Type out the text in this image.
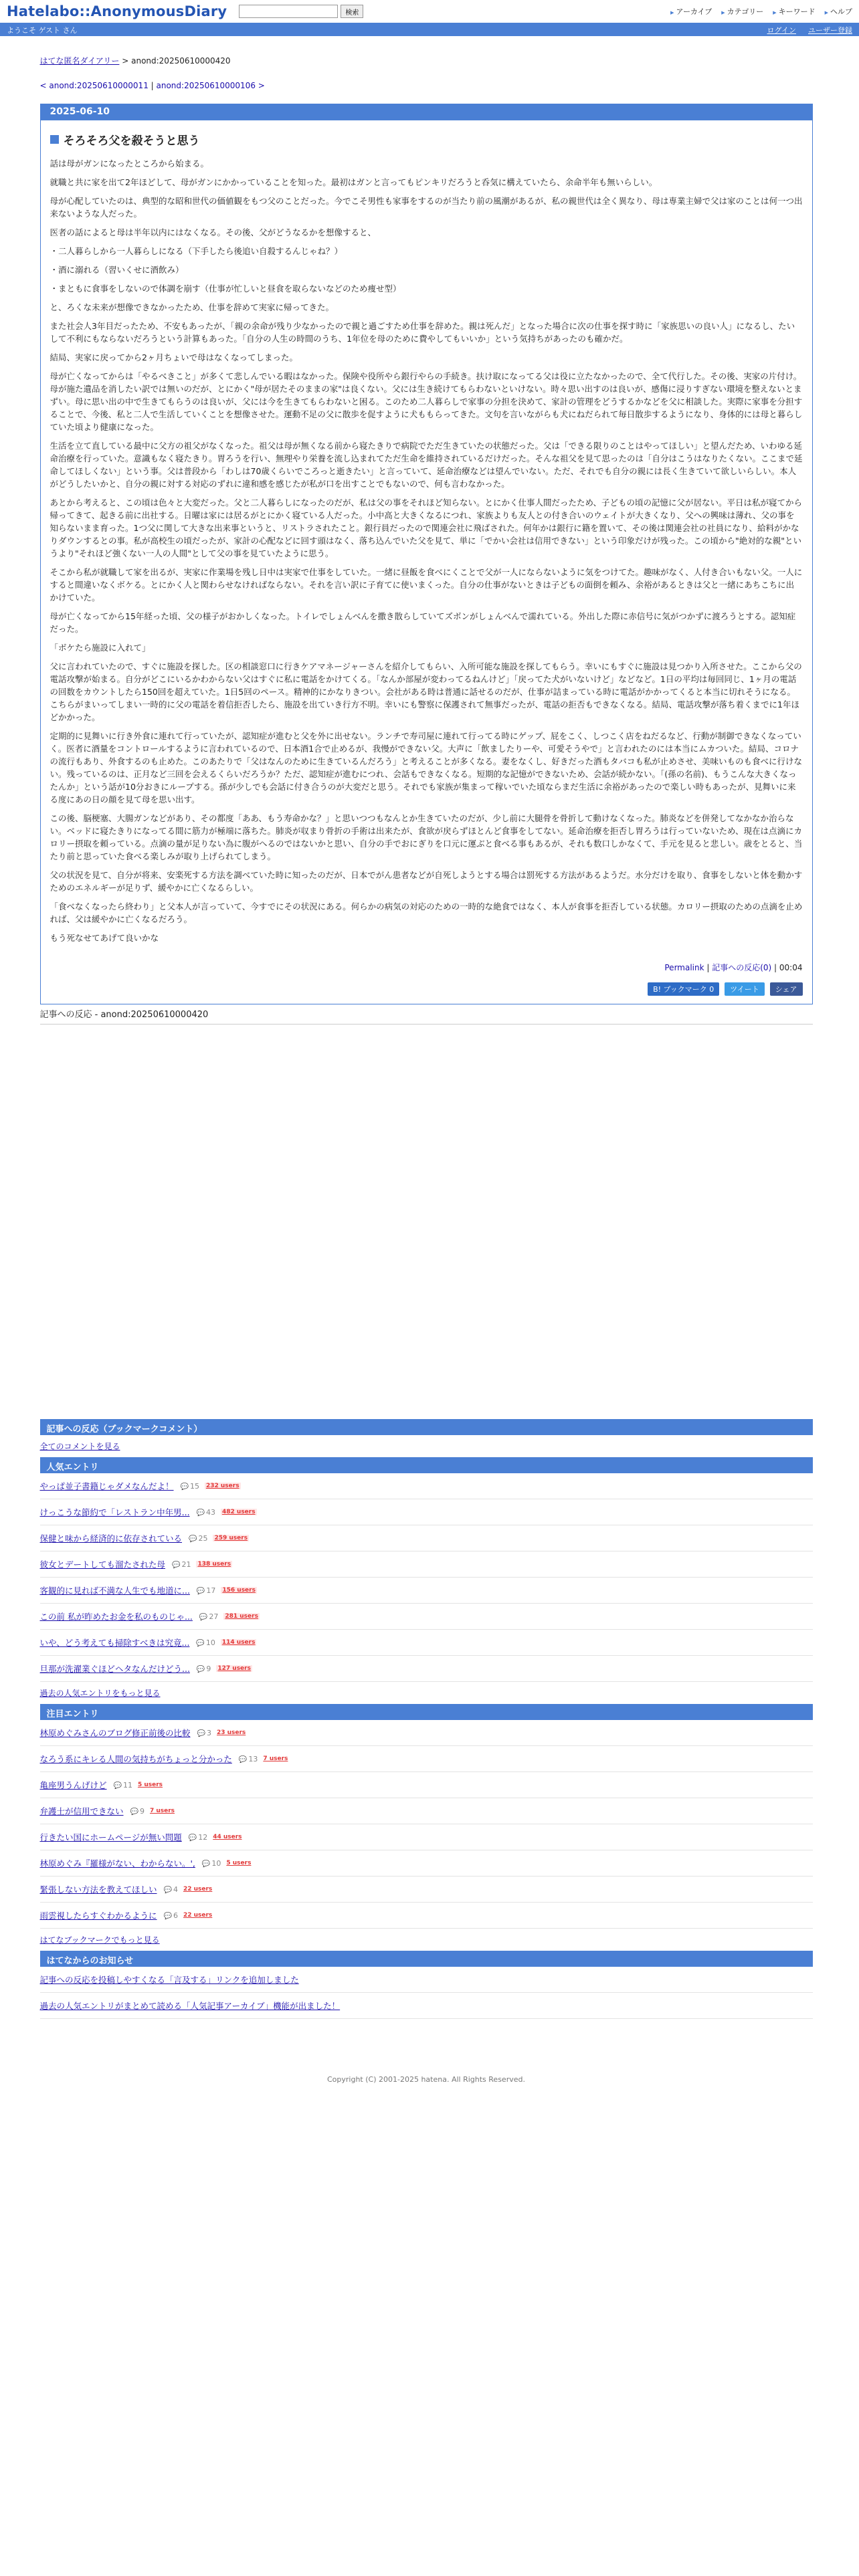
Hatelabo::AnonymousDiary	検索	▶ アーカイブ	▶ カテゴリー	▶ キーワード	▶ ヘルプ
ようこそ ゲスト さん	ログイン ユーザー登録
はてな匿名ダイアリー > anond:20250610000420
< anond:20250610000011 | anond:20250610000106 >
2025-06-10
そろそろ父を殺そうと思う

話は母がガンになったところから始まる。

就職と共に家を出て2年ほどして、母がガンにかかっていることを知った。最初はガンと言ってもピンキリだろうと呑気に構えていたら、余命半年も無いらしい。

母が心配していたのは、典型的な昭和世代の価値観をもつ父のことだった。今でこそ男性も家事をするのが当たり前の風潮があるが、私の親世代は全く異なり、母は専業主婦で父は家のことは何一つ出来ないような人だった。

医者の話によると母は半年以内にはなくなる。その後、父がどうなるかを想像すると、

・二人暮らしから一人暮らしになる（下手したら後追い自殺するんじゃね？）

・酒に溺れる（習いくせに酒飲み）

・まともに食事をしないので体調を崩す（仕事が忙しいと昼食を取らないなどのため痩せ型）

と、ろくな未来が想像できなかったため、仕事を辞めて実家に帰ってきた。

また社会人3年目だったため、不安もあったが、「親の余命が残り少なかったので親と過ごすため仕事を辞めた。親は死んだ」となった場合に次の仕事を探す時に「家族思いの良い人」になるし、たいして不利にもならないだろうという計算もあった。「自分の人生の時間のうち、1年位を母のために費やしてもいいか」という気持ちがあったのも確かだ。

結局、実家に戻ってから2ヶ月ちょいで母はなくなってしまった。

母が亡くなってからは「やるべきこと」が多くて悲しんでいる暇はなかった。保険や役所やら銀行やらの手続き。扶け取になってる父は役に立たなかったので、全て代行した。その後、実家の片付け。母が施た遺品を消したい訳では無いのだが、とにかく"母が居たそのままの家"は良くない。父には生き続けてもらわないといけない。時々思い出すのは良いが、感傷に浸りすぎない環境を整えないとまずい。母に思い出の中で生きてもらうのは良いが、父には今を生きてもらわないと困る。このため二人暮らしで家事の分担を決めて、家計の管理をどうするかなどを父に相談した。実際に家事を分担することで、今後、私と二人で生活していくことを想像させた。運動不足の父に散歩を促すように犬ももらってきた。文句を言いながらも犬にねだられて毎日散歩するようになり、身体的には母と暮らしていた頃より健康になった。

生活を立て直している最中に父方の祖父がなくなった。祖父は母が無くなる前から寝たきりで病院でただ生きていたの状態だった。父は「できる限りのことはやってほしい」と望んだため、いわゆる延命治療を行っていた。意識もなく寝たきり。胃ろうを行い、無理やり栄養を流し込まれてただ生命を維持されているだけだった。そんな祖父を見て思ったのは「自分はこうはなりたくない。ここまで延命してほしくない」という事。父は普段から「わしは70歳くらいでころっと逝きたい」と言っていて、延命治療などは望んでいない。ただ、それでも自分の親には長く生きていて欲しいらしい。本人がどうしたいかと、自分の親に対する対応のずれに違和感を感じたが私が口を出すことでもないので、何も言わなかった。

あとから考えると、この頃は色々と大変だった。父と二人暮らしになったのだが、私は父の事をそれほど知らない。とにかく仕事人間だったため、子どもの頃の記憶に父が居ない。平日は私が寝てから帰ってきて、起きる前に出社する。日曜は家には居るがとにかく寝ている人だった。小中高と大きくなるにつれ、家族よりも友人との付き合いのウェイトが大きくなり、父への興味は薄れ、父の事を知らないまま育った。1つ父に関して大きな出来事というと、リストラされたこと。銀行員だったので関連会社に飛ばされた。何年かは銀行に籍を置いて、その後は関連会社の社員になり、給料がかなりダウンするとの事。私が高校生の頃だったが、家計の心配などに回す頭はなく、落ち込んでいた父を見て、単に「でかい会社は信用できない」という印象だけが残った。この頃から"絶対的な親"というより"それほど強くない一人の人間"として父の事を見ていたように思う。

そこから私が就職して家を出るが、実家に作業場を残し日中は実家で仕事をしていた。一緒に昼飯を食べにくことで父が一人にならないように気をつけてた。趣味がなく、人付き合いもない父。一人にすると間違いなくボケる。とにかく人と関わらせなければならない。それを言い訳に子育てに使いまくった。自分の仕事がないときは子どもの面倒を頼み、余裕があるときは父と一緒にあちこちに出かけていた。

母が亡くなってから15年経った頃、父の様子がおかしくなった。トイレでしょんべんを撒き散らしていてズボンがしょんべんで濡れている。外出した際に赤信号に気がつかずに渡ろうとする。認知症だった。

「ボケたら施設に入れて」

父に言われていたので、すぐに施設を探した。区の相談窓口に行きケアマネージャーさんを紹介してもらい、入所可能な施設を探してもらう。幸いにもすぐに施設は見つかり入所させた。ここから父の電話攻撃が始まる。自分がどこにいるかわからない父はすぐに私に電話をかけてくる。「なんか部屋が変わってるねんけど」「戻ってた犬がいないけど」などなど。1日の平均は毎回同じ、1ヶ月の電話の回数をカウントしたら150回を超えていた。1日5回のペース。精神的にかなりきつい。会社がある時は普通に話せるのだが、仕事が詰まっている時に電話がかかってくると本当に切れそうになる。こちらがまいってしまい一時的に父の電話を着信拒否したら、施設を出ていき行方不明。幸いにも警察に保護されて無事だったが、電話の拒否もできなくなる。結局、電話攻撃が落ち着くまでに1年ほどかかった。

定期的に見舞いに行き外食に連れて行っていたが、認知症が進むと父を外に出せない。ランチで寿司屋に連れて行ってる時にゲップ、屁をこく、しつこく店をねだるなど、行動が制御できなくなっていく。医者に酒量をコントロールするように言われているので、日本酒1合で止めるが、我慢ができない父。大声に「飲ましたりーや、可愛そうやで」と言われたのには本当にムカついた。結局、コロナの流行もあり、外食するのも止めた。このあたりで「父はなんのために生きているんだろう」と考えることが多くなる。妻をなくし、好きだった酒もタバコも私が止めさせ、美味いものも食べに行けない。残っているのは、正月など三回を会えるくらいだろうか？ただ、認知症が進むにつれ、会話もできなくなる。短期的な記憶ができないため、会話が続かない。「(孫の名前)、もうこんな大きくなったんか」という話が10分おきにループする。孫が少しでも会話に付き合うのが大変だと思う。それでも家族が集まって稼いでいた頃ならまだ生活に余裕があったので楽しい時もあったが、見舞いに来る度にあの日の顔を見て母を思い出す。

この後、脳梗塞、大腸ガンなどがあり、その都度「ああ、もう寿命かな？」と思いつつもなんとか生きていたのだが、少し前に大腿骨を骨折して動けなくなった。肺炎などを併発してなかなか治らない。ベッドに寝たきりになってる間に筋力が極端に落ちた。肺炎が収まり骨折の手術は出来たが、食欲が戻らずほとんど食事をしてない。延命治療を拒否し胃ろうは行っていないため、現在は点滴にカロリー摂取を頼っている。点滴の量が足りない為に腹がへるのではないかと思い、自分の手でおにぎりを口元に運ぶと食べる事もあるが、それも数口しかなくて、手元を見ると悲しい。歳をとると、当たり前と思っていた食べる楽しみが取り上げられてしまう。

父の状況を見て、自分が将来、安楽死する方法を調べていた時に知ったのだが、日本でがん患者などが自死しようとする場合は罰死する方法があるようだ。水分だけを取り、食事をしないと体を動かすためのエネルギーが足りず、緩やかに亡くなるらしい。

「食べなくなったら終わり」と父本人が言っていて、今すでにその状況にある。何らかの病気の対応のための一時的な絶食ではなく、本人が食事を拒否している状態。カロリー摂取のための点滴を止めれば、父は緩やかに亡くなるだろう。

もう死なせてあげて良いかな

Permalink | 記事への反応(0) | 00:04
B! ブックマーク 0	ツイート	シェア
記事への反応 - anond:20250610000420
記事への反応（ブックマークコメント）
全てのコメントを見る
人気エントリ
やっぱ並子書籍じゃダメなんだよ！	💬 15 232 users
けっこうな節約で「レストラン中年男...	💬 43 482 users
保健と味から経済的に依存されている	💬 25 259 users
彼女とデートしても溜たされた母	💬 21 138 users
客観的に見れば不満な人生でも地道に...	💬 17 156 users
この前 私が昨めたお金を私のものじゃ...	💬 27 281 users
いや、どう考えても掃除すべきは究竟...	💬 10 114 users
旦那が洗濯業ぐほどヘタなんだけどう...	💬 9 127 users
過去の人気エントリをもっと見る
注目エントリ
林原めぐみさんのブログ修正前後の比較	💬 3 23 users
なろう系にキレる人間の気持ちがちょっと分かった	💬 13 7 users
亀座男うんげけど	💬 11 5 users
弁護士が信用できない	💬 9 7 users
行きたい国にホームページが無い問題	💬 12 44 users
林原めぐみ『羅様がない、わからない。',	💬 10 5 users
緊張しない方法を教えてほしい	💬 4 22 users
雨雲視したらすぐわかるように	💬 6 22 users
はてなブックマークでもっと見る
はてなからのお知らせ
記事への反応を投稿しやすくなる「言及する」リンクを追加しました
過去の人気エントリがまとめて読める「人気記事アーカイブ」機能が出ました！
Copyright (C) 2001-2025 hatena. All Rights Reserved.
